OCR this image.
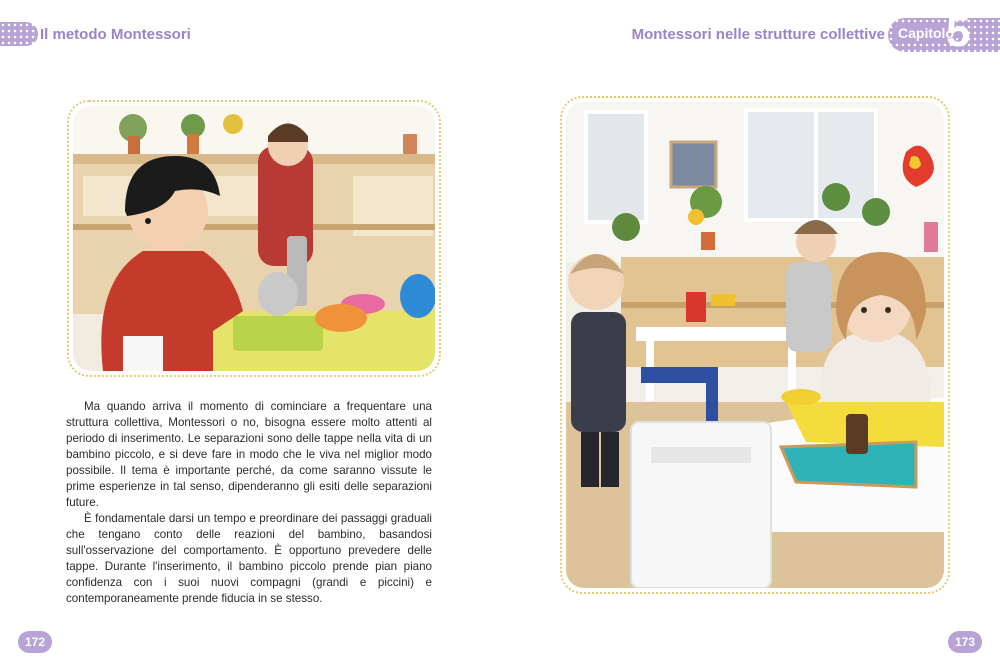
Il metodo Montessori

Ma quando arriva il momento di cominciare a frequentare una struttura collettiva, Montessori o no, bisogna essere molto attenti al periodo di inserimento. Le separazioni sono delle tappe nella vita di un bambino piccolo, e si deve fare in modo che le viva nel miglior modo possibile. Il tema è importante perché, da come saranno vissute le prime esperienze in tal senso, dipenderanno gli esiti delle separazioni future.

È fondamentale darsi un tempo e preordinare dei passaggi graduali che tengano conto delle reazioni del bambino, basandosi sull'osservazione del comportamento. È opportuno prevedere delle tappe. Durante l'inserimento, il bambino piccolo prende pian piano confidenza con i suoi nuovi compagni (grandi e piccini) e contemporaneamente prende fiducia in se stesso.

172
Montessori nelle strutture collettive Capitolo
5
173
